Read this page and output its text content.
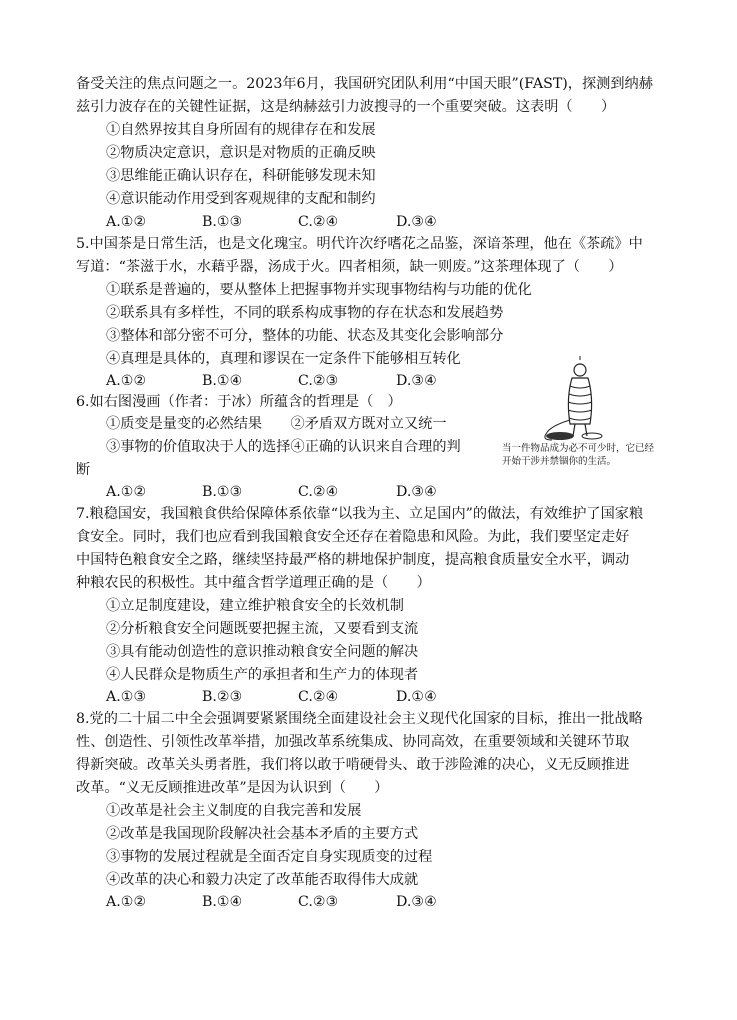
备受关注的焦点问题之一。2023年6月，我国研究团队利用“中国天眼”(FAST)，探测到纳赫
兹引力波存在的关键性证据，这是纳赫兹引力波搜寻的一个重要突破。这表明（　　）
①自然界按其自身所固有的规律存在和发展
②物质决定意识，意识是对物质的正确反映
③思维能正确认识存在，科研能够发现未知
④意识能动作用受到客观规律的支配和制约
A.①②	B.①③	C.②④	D.③④
5.中国茶是日常生活，也是文化瑰宝。明代许次纾嗜花之品鉴，深谙茶理，他在《茶疏》中
写道：“茶滋于水，水藉乎器，汤成于火。四者相须，缺一则废。”这茶理体现了（　　）
①联系是普遍的，要从整体上把握事物并实现事物结构与功能的优化
②联系具有多样性，不同的联系构成事物的存在状态和发展趋势
③整体和部分密不可分，整体的功能、状态及其变化会影响部分
④真理是具体的，真理和谬误在一定条件下能够相互转化
A.①②	B.①④	C.②③	D.③④
6.如右图漫画（作者：于冰）所蕴含的哲理是（　）
①质变是量变的必然结果　　②矛盾双方既对立又统一
③事物的价值取决于人的选择④正确的认识来自合理的判
断
A.①②	B.①③	C.②④	D.③④
当一件物品成为必不可少时，它已经开始干涉并禁锢你的生活。
7.粮稳国安，我国粮食供给保障体系依靠“以我为主、立足国内”的做法，有效维护了国家粮
食安全。同时，我们也应看到我国粮食安全还存在着隐患和风险。为此，我们要坚定走好
中国特色粮食安全之路，继续坚持最严格的耕地保护制度，提高粮食质量安全水平，调动
种粮农民的积极性。其中蕴含哲学道理正确的是（　　）
①立足制度建设，建立维护粮食安全的长效机制
②分析粮食安全问题既要把握主流，又要看到支流
③具有能动创造性的意识推动粮食安全问题的解决
④人民群众是物质生产的承担者和生产力的体现者
A.①③	B.②③	C.②④	D.①④
8.党的二十届二中全会强调要紧紧围绕全面建设社会主义现代化国家的目标，推出一批战略
性、创造性、引领性改革举措，加强改革系统集成、协同高效，在重要领域和关键环节取
得新突破。改革关头勇者胜，我们将以敢于啃硬骨头、敢于涉险滩的决心，义无反顾推进
改革。“义无反顾推进改革”是因为认识到（　　）
①改革是社会主义制度的自我完善和发展
②改革是我国现阶段解决社会基本矛盾的主要方式
③事物的发展过程就是全面否定自身实现质变的过程
④改革的决心和毅力决定了改革能否取得伟大成就
A.①②	B.①④	C.②③	D.③④
